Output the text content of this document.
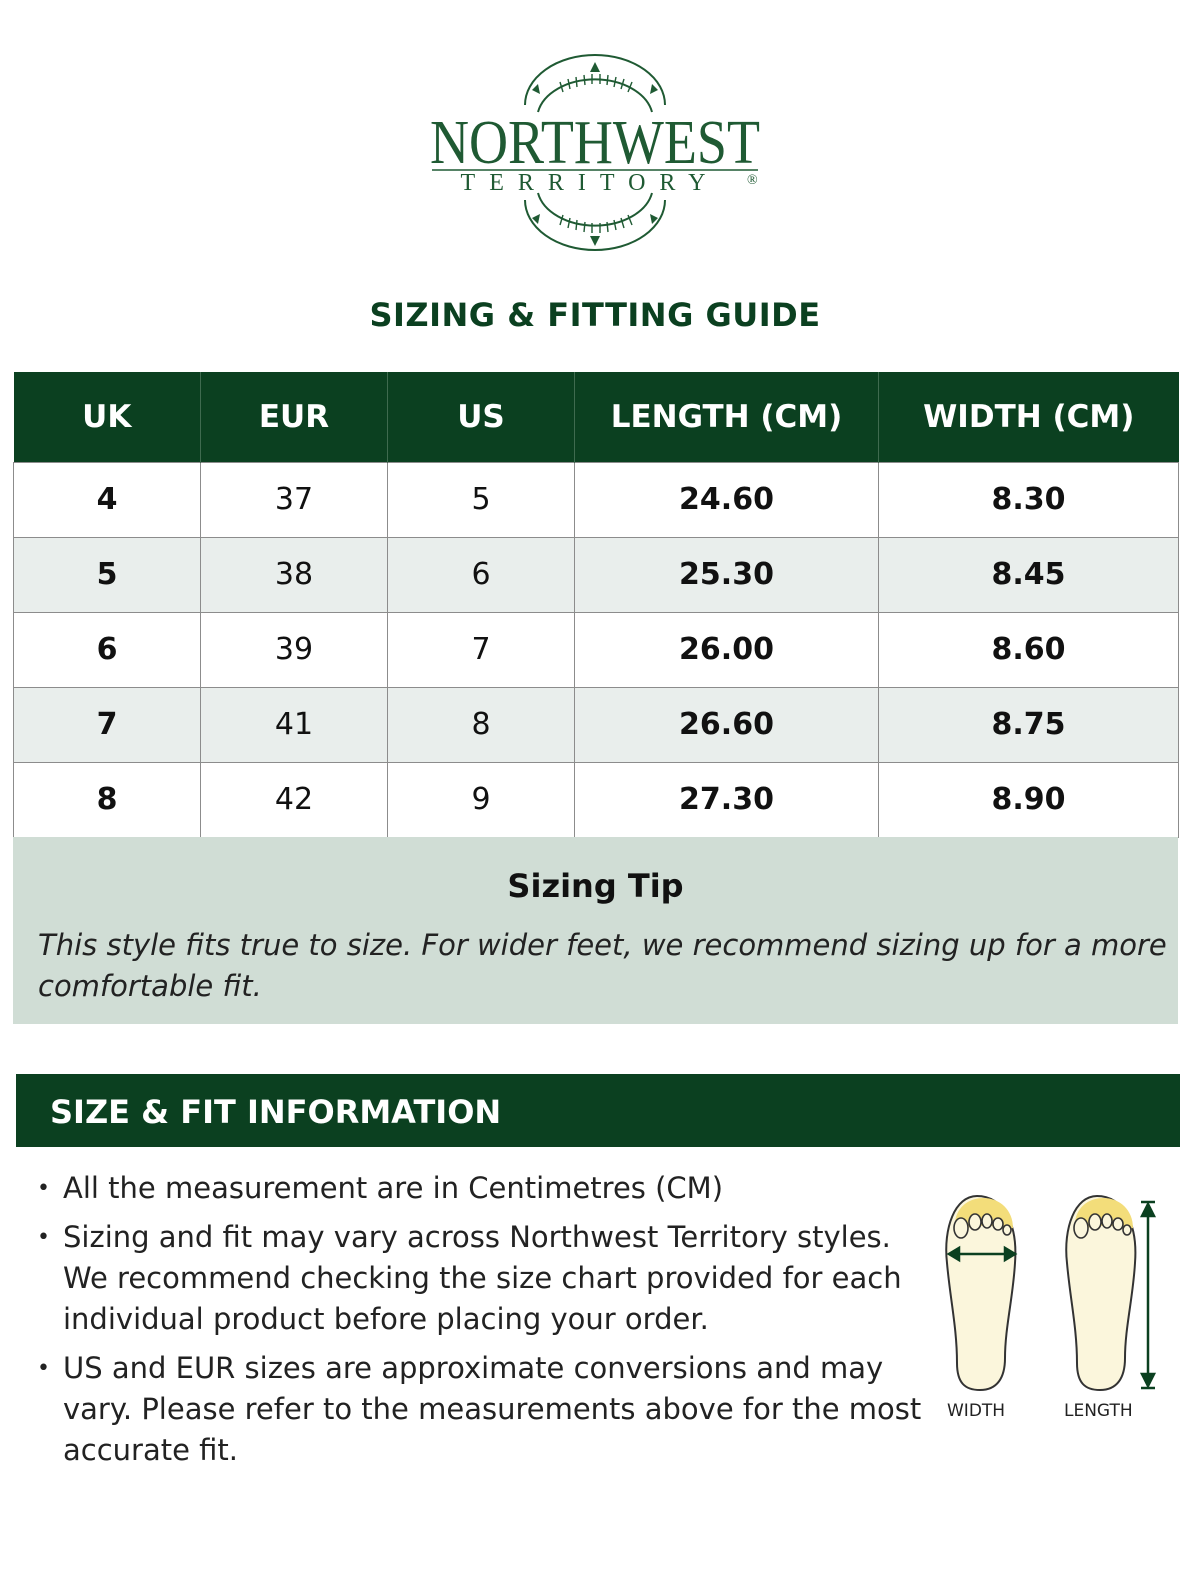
NORTHWEST
TERRITORY ®
SIZING & FITTING GUIDE
UK	EUR	US	LENGTH (CM)	WIDTH (CM)
4	37	5	24.60	8.30
5	38	6	25.30	8.45
6	39	7	26.00	8.60
7	41	8	26.60	8.75
8	42	9	27.30	8.90
Sizing Tip
This style fits true to size. For wider feet, we recommend sizing up for a more comfortable fit.
SIZE & FIT INFORMATION
• All the measurement are in Centimetres (CM)
• Sizing and fit may vary across Northwest Territory styles. We recommend checking the size chart provided for each individual product before placing your order.
• US and EUR sizes are approximate conversions and may vary. Please refer to the measurements above for the most accurate fit.
WIDTH	LENGTH
